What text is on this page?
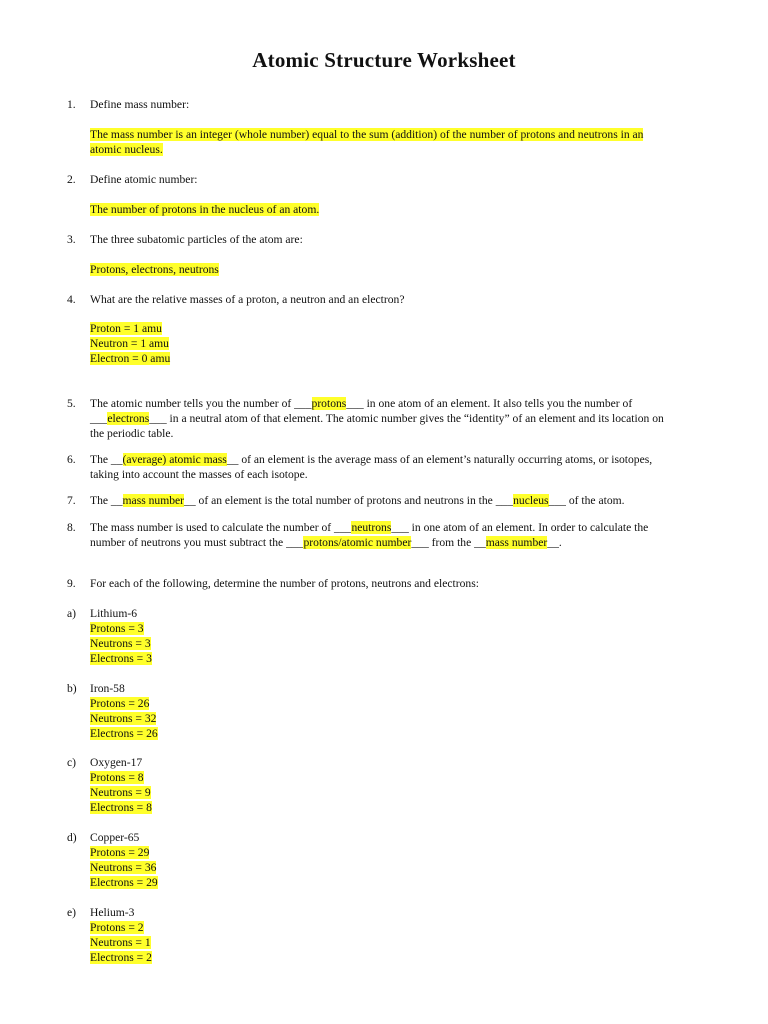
Atomic Structure Worksheet
1. Define mass number:
The mass number is an integer (whole number) equal to the sum (addition) of the number of protons and neutrons in an
atomic nucleus.
2. Define atomic number:
The number of protons in the nucleus of an atom.
3. The three subatomic particles of the atom are:
Protons, electrons, neutrons
4. What are the relative masses of a proton, a neutron and an electron?
Proton = 1 amu
Neutron = 1 amu
Electron = 0 amu
5. The atomic number tells you the number of ___protons___ in one atom of an element. It also tells you the number of
___electrons___ in a neutral atom of that element. The atomic number gives the “identity” of an element and its location on
the periodic table.
6. The __(average) atomic mass__ of an element is the average mass of an element’s naturally occurring atoms, or isotopes,
taking into account the masses of each isotope.
7. The __mass number__ of an element is the total number of protons and neutrons in the ___nucleus___ of the atom.
8. The mass number is used to calculate the number of ___neutrons___ in one atom of an element. In order to calculate the
number of neutrons you must subtract the ___protons/atomic number___ from the __mass number__.
9. For each of the following, determine the number of protons, neutrons and electrons:
a) Lithium-6
Protons = 3
Neutrons = 3
Electrons = 3
b) Iron-58
Protons = 26
Neutrons = 32
Electrons = 26
c) Oxygen-17
Protons = 8
Neutrons = 9
Electrons = 8
d) Copper-65
Protons = 29
Neutrons = 36
Electrons = 29
e) Helium-3
Protons = 2
Neutrons = 1
Electrons = 2
